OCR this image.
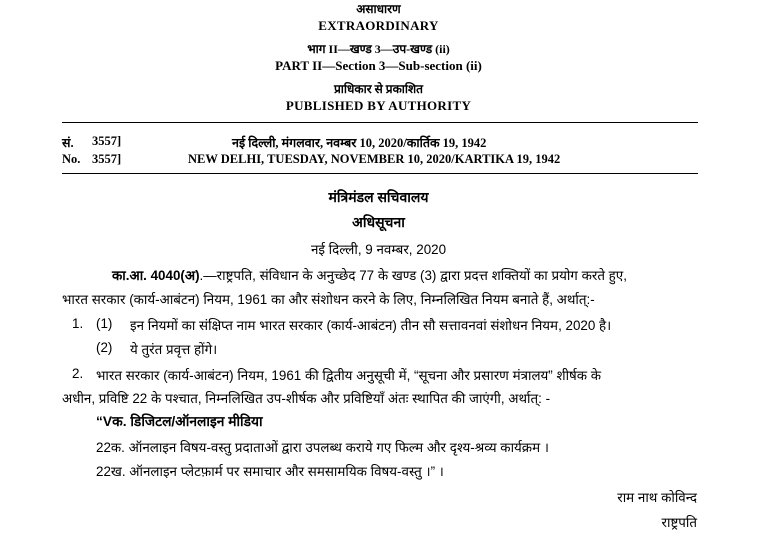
असाधारण
EXTRAORDINARY
भाग II—खण्ड 3—उप-खण्ड (ii)
PART II—Section 3—Sub-section (ii)
प्राधिकार से प्रकाशित
PUBLISHED BY AUTHORITY
सं. 3557]	नई दिल्ली, मंगलवार, नवम्बर 10, 2020/कार्तिक 19, 1942
No. 3557]	NEW DELHI, TUESDAY, NOVEMBER 10, 2020/KARTIKA 19, 1942
मंत्रिमंडल सचिवालय
अधिसूचना
नई दिल्ली, 9 नवम्बर, 2020
का.आ. 4040(अ).—राष्ट्रपति, संविधान के अनुच्छेद 77 के खण्ड (3) द्वारा प्रदत्त शक्तियों का प्रयोग करते हुए,
भारत सरकार (कार्य-आबंटन) नियम, 1961 का और संशोधन करने के लिए, निम्नलिखित नियम बनाते हैं, अर्थात्:-
1. (1) इन नियमों का संक्षिप्त नाम भारत सरकार (कार्य-आबंटन) तीन सौ सत्तावनवां संशोधन नियम, 2020 है।
(2) ये तुरंत प्रवृत्त होंगे।
2. भारत सरकार (कार्य-आबंटन) नियम, 1961 की द्वितीय अनुसूची में, “सूचना और प्रसारण मंत्रालय” शीर्षक के
अधीन, प्रविष्टि 22 के पश्चात, निम्नलिखित उप-शीर्षक और प्रविष्टियॉं अंतः स्थापित की जाएंगी, अर्थात्: -
“Vक. डिजिटल/ऑनलाइन मीडिया
22क. ऑनलाइन विषय-वस्तु प्रदाताओं द्वारा उपलब्ध कराये गए फिल्म और दृश्य-श्रव्य कार्यक्रम ।
22ख. ऑनलाइन प्लेटफ़ार्म पर समाचार और समसामयिक विषय-वस्तु ।” ।
राम नाथ कोविन्द
राष्ट्रपति
